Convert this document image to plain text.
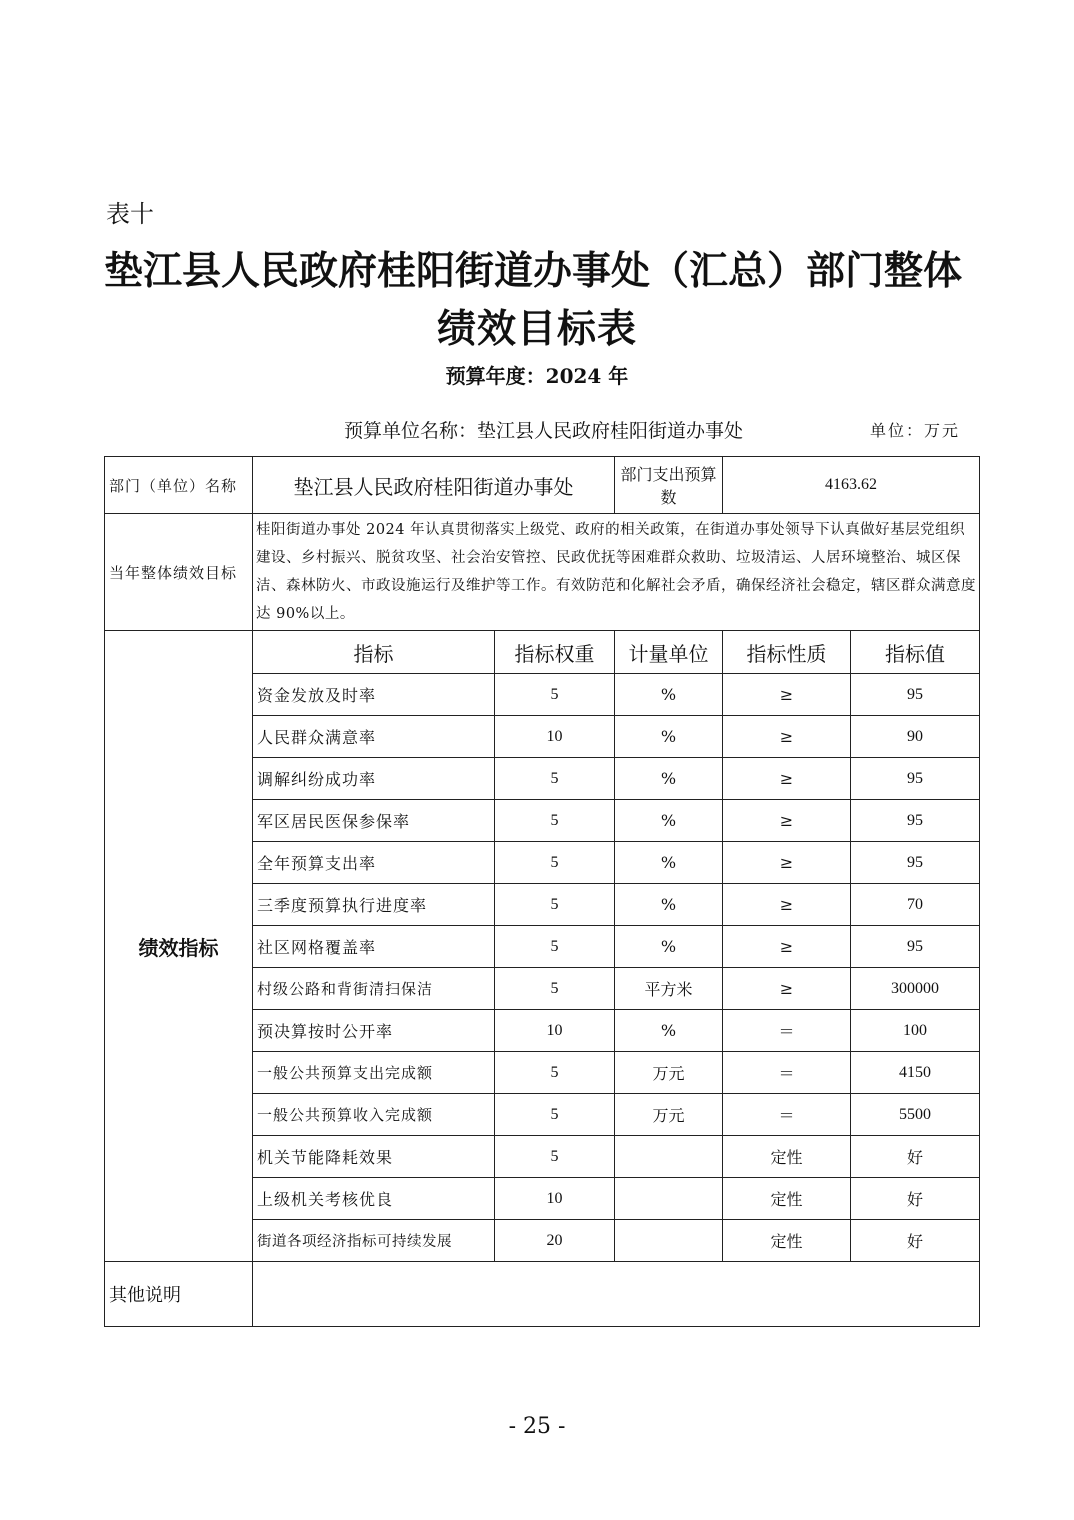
表十
垫江县人民政府桂阳街道办事处（汇总）部门整体
绩效目标表
预算年度：2024 年
预算单位名称：垫江县人民政府桂阳街道办事处	单位：万元
部门（单位）名称	垫江县人民政府桂阳街道办事处		部门支出预算数	4163.62	
当年整体绩效目标	桂阳街道办事处 2024 年认真贯彻落实上级党、政府的相关政策，在街道办事处领导下认真做好基层党组织建设、乡村振兴、脱贫攻坚、社会治安管控、民政优抚等困难群众救助、垃圾清运、人居环境整治、城区保洁、森林防火、市政设施运行及维护等工作。有效防范和化解社会矛盾，确保经济社会稳定，辖区群众满意度达 90%以上。				
绩效指标	指标	指标权重	计量单位	指标性质	指标值
	资金发放及时率	5	%	≥	95
	人民群众满意率	10	%	≥	90
	调解纠纷成功率	5	%	≥	95
	军区居民医保参保率	5	%	≥	95
	全年预算支出率	5	%	≥	95
	三季度预算执行进度率	5	%	≥	70
	社区网格覆盖率	5	%	≥	95
	村级公路和背街清扫保洁	5	平方米	≥	300000
	预决算按时公开率	10	%	＝	100
	一般公共预算支出完成额	5	万元	＝	4150
	一般公共预算收入完成额	5	万元	＝	5500
	机关节能降耗效果	5		定性	好
	上级机关考核优良	10		定性	好
	街道各项经济指标可持续发展	20		定性	好
其他说明					
- 25 -
